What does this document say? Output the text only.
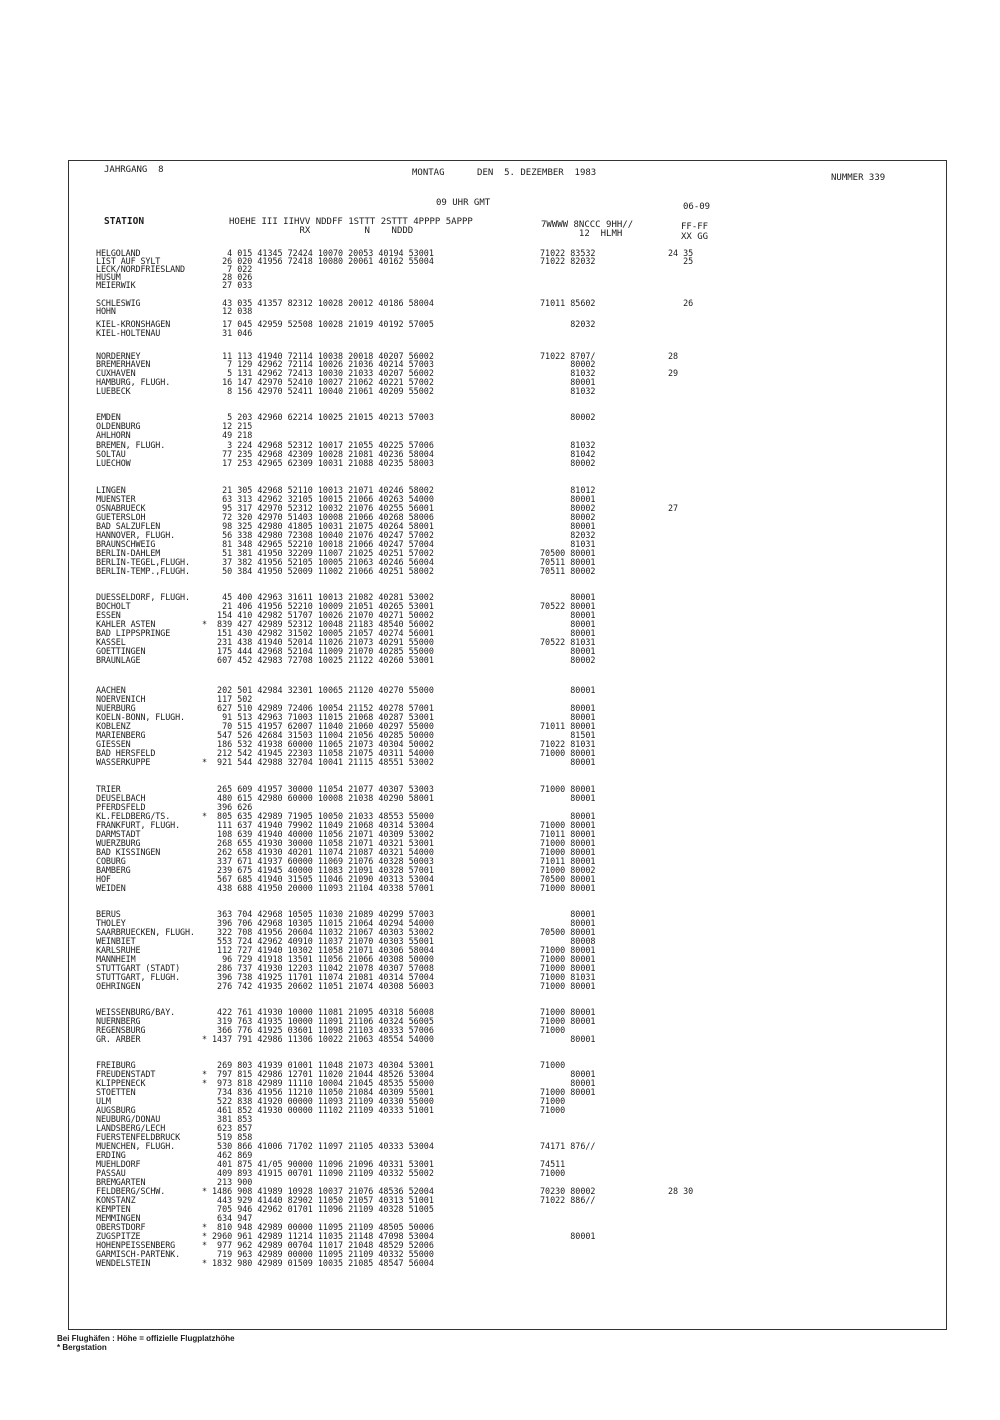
JAHRGANG  8	MONTAG      DEN  5. DEZEMBER  1983	NUMMER 339
09 UHR GMT	06-09
STATION	HOEHE III IIHVV NDDFF 1STTT 2STTT 4PPPP 5APPP
RX          N    NDDD
7WWWW 8NCCC 9HH//
12  HLMH
FF-FF
XX GG
HELGOLAND	4 015 41345 72424 10070 20053 40194 53001	71022 83532	24 35
LIST AUF SYLT	26 020 41956 72418 10080 20061 40162 55004	71022 82032	25
LECK/NORDFRIESLAND	7 022
HUSUM	28 026
MEIERWIK	27 033
SCHLESWIG	43 035 41357 82312 10028 20012 40186 58004	71011 85602	26
HOHN	12 038
KIEL-KRONSHAGEN	17 045 42959 52508 10028 21019 40192 57005	82032
KIEL-HOLTENAU	31 046
NORDERNEY	11 113 41940 72114 10038 20018 40207 56002	71022 8707/	28
BREMERHAVEN	7 129 42962 72114 10026 21036 40214 57003	80002
CUXHAVEN	5 131 42962 72413 10030 21033 40207 56002	81032	29
HAMBURG, FLUGH.	16 147 42970 52410 10027 21062 40221 57002	80001
LUEBECK	8 156 42970 52411 10040 21061 40209 55002	81032
EMDEN	5 203 42960 62214 10025 21015 40213 57003	80002
OLDENBURG	12 215
AHLHORN	49 218
BREMEN, FLUGH.	3 224 42968 52312 10017 21055 40225 57006	81032
SOLTAU	77 235 42968 42309 10028 21081 40236 58004	81042
LUECHOW	17 253 42965 62309 10031 21088 40235 58003	80002
LINGEN	21 305 42968 52110 10013 21071 40246 58002	81012
MUENSTER	63 313 42962 32105 10015 21066 40263 54000	80001
OSNABRUECK	95 317 42970 52312 10032 21076 40255 56001	80002	27
GUETERSLOH	72 320 42970 51403 10008 21066 40268 58006	80002
BAD SALZUFLEN	98 325 42980 41805 10031 21075 40264 58001	80001
HANNOVER, FLUGH.	56 338 42980 72308 10040 21076 40247 57002	82032
BRAUNSCHWEIG	81 348 42965 52210 10018 21066 40247 57004	81031
BERLIN-DAHLEM	51 381 41950 32209 11007 21025 40251 57002	70500 80001
BERLIN-TEGEL,FLUGH.	37 382 41956 52105 10005 21063 40246 56004	70511 80001
BERLIN-TEMP.,FLUGH.	50 384 41950 52009 11002 21066 40251 58002	70511 80002
DUESSELDORF, FLUGH.	45 400 42963 31611 10013 21082 40281 53002	80001
BOCHOLT	21 406 41956 52210 10009 21051 40265 53001	70522 80001
ESSEN	154 410 42982 51707 10026 21070 40271 50002	80001
KAHLER ASTEN	* 839 427 42989 52312 10048 21183 48540 56002	80001
BAD LIPPSPRINGE	151 430 42982 31502 10005 21057 40274 56001	80001
KASSEL	231 438 41940 52014 11026 21073 40291 55000	70522 81031
GOETTINGEN	175 444 42968 52104 11009 21070 40285 55000	80001
BRAUNLAGE	607 452 42983 72708 10025 21122 40260 53001	80002
AACHEN	202 501 42984 32301 10065 21120 40270 55000	80001
NOERVENICH	117 502
NUERBURG	627 510 42989 72406 10054 21152 40278 57001	80001
KOELN-BONN, FLUGH.	91 513 42963 71003 11015 21068 40287 53001	80001
KOBLENZ	70 515 41957 62007 11040 21060 40297 55000	71011 80001
MARIENBERG	547 526 42684 31503 11004 21056 40285 50000	81501
GIESSEN	186 532 41938 60000 11065 21073 40304 50002	71022 81031
BAD HERSFELD	212 542 41945 22303 11058 21075 40311 54000	71000 80001
WASSERKUPPE	* 921 544 42988 32704 10041 21115 48551 53002	80001
TRIER	265 609 41957 30000 11054 21077 40307 53003	71000 80001
DEUSELBACH	480 615 42980 60000 10008 21038 40290 58001	80001
PFERDSFELD	396 626
KL.FELDBERG/TS.	* 805 635 42989 71905 10050 21033 48553 55000	80001
FRANKFURT, FLUGH.	111 637 41940 79902 11049 21068 40314 53004	71000 80001
DARMSTADT	108 639 41940 40000 11056 21071 40309 53002	71011 80001
WUERZBURG	268 655 41930 30000 11058 21071 40321 53001	71000 80001
BAD KISSINGEN	262 658 41930 40201 11074 21087 40321 54000	71000 80001
COBURG	337 671 41937 60000 11069 21076 40328 50003	71011 80001
BAMBERG	239 675 41945 40000 11083 21091 40328 57001	71000 80002
HOF	567 685 41940 31505 11046 21090 40313 53004	70500 80001
WEIDEN	438 688 41950 20000 11093 21104 40338 57001	71000 80001
BERUS	363 704 42968 10505 11030 21089 40299 57003	80001
THOLEY	396 706 42968 10305 11015 21064 40294 54000	80001
SAARBRUECKEN, FLUGH. 322 708 41956 20604 11032 21067 40303 53002	70500 80001
WEINBIET	553 724 42962 40910 11037 21070 40303 55001	80008
KARLSRUHE	112 727 41940 10302 11058 21071 40306 58004	71000 80001
MANNHEIM	96 729 41918 13501 11056 21066 40308 50000	71000 80001
STUTTGART (STADT)	286 737 41930 12203 11042 21078 40307 57008	71000 80001
STUTTGART, FLUGH.	396 738 41925 11701 11074 21081 40314 57004	71000 81031
OEHRINGEN	276 742 41935 20602 11051 21074 40308 56003	71000 80001
WEISSENBURG/BAY.	422 761 41930 10000 11081 21095 40318 56008	71000 80001
NUERNBERG	319 763 41935 10000 11091 21106 40324 56005	71000 80001
REGENSBURG	366 776 41925 03601 11098 21103 40333 57006	71000
GR. ARBER	* 1437 791 42986 11306 10022 21063 48554 54000	80001
FREIBURG	269 803 41939 01001 11048 21073 40304 53001	71000
FREUDENSTADT	* 797 815 42986 12701 11020 21044 48526 53004	80001
KLIPPENECK	* 973 818 42989 11110 10004 21045 48535 55000	80001
STOETTEN	734 836 41956 11210 11050 21084 40309 55001	71000 80001
ULM	522 838 41920 00000 11093 21109 40330 55000	71000
AUGSBURG	461 852 41930 00000 11102 21109 40333 51001	71000
NEUBURG/DONAU	381 853
LANDSBERG/LECH	623 857
FUERSTENFELDBRUCK	519 858
MUENCHEN, FLUGH.	530 866 41006 71702 11097 21105 40333 53004	74171 876//
ERDING	462 869
MUEHLDORF	401 875 41/05 90000 11096 21096 40331 53001	74511
PASSAU	409 893 41915 00701 11090 21109 40332 55002	71000
BREMGARTEN	213 900
FELDBERG/SCHW.	* 1486 908 41989 10928 10037 21076 48536 52004	70230 80002	28 30
KONSTANZ	443 929 41440 82902 11050 21057 40313 51001	71022 886//
KEMPTEN	705 946 42962 01701 11096 21109 40328 51005
MEMMINGEN	634 947
OBERSTDORF	* 810 948 42989 00000 11095 21109 48505 50006
ZUGSPITZE	* 2960 961 42989 11214 11035 21148 47098 53004	80001
HOHENPEISSENBERG	* 977 962 42989 00704 11017 21048 48529 52006
GARMISCH-PARTENK.	719 963 42989 00000 11095 21109 40332 55000
WENDELSTEIN	* 1832 980 42989 01509 10035 21085 48547 56004
Bei Flughäfen : Höhe = offizielle Flugplatzhöhe
* Bergstation
